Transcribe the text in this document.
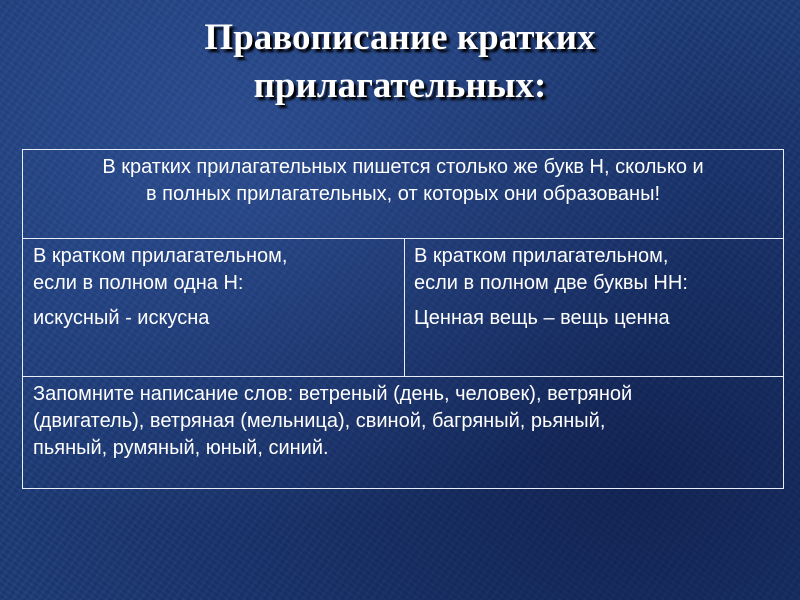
Правописание кратких
прилагательных:
В кратких прилагательных пишется столько же букв Н, сколько и
в полных прилагательных, от которых они образованы!
В кратком прилагательном,
если в полном одна Н:
искусный - искусна
В кратком прилагательном,
если в полном две буквы НН:
Ценная вещь – вещь ценна
Запомните написание слов: ветреный (день, человек), ветряной
(двигатель), ветряная (мельница), свиной, багряный, рьяный,
пьяный, румяный, юный, синий.
